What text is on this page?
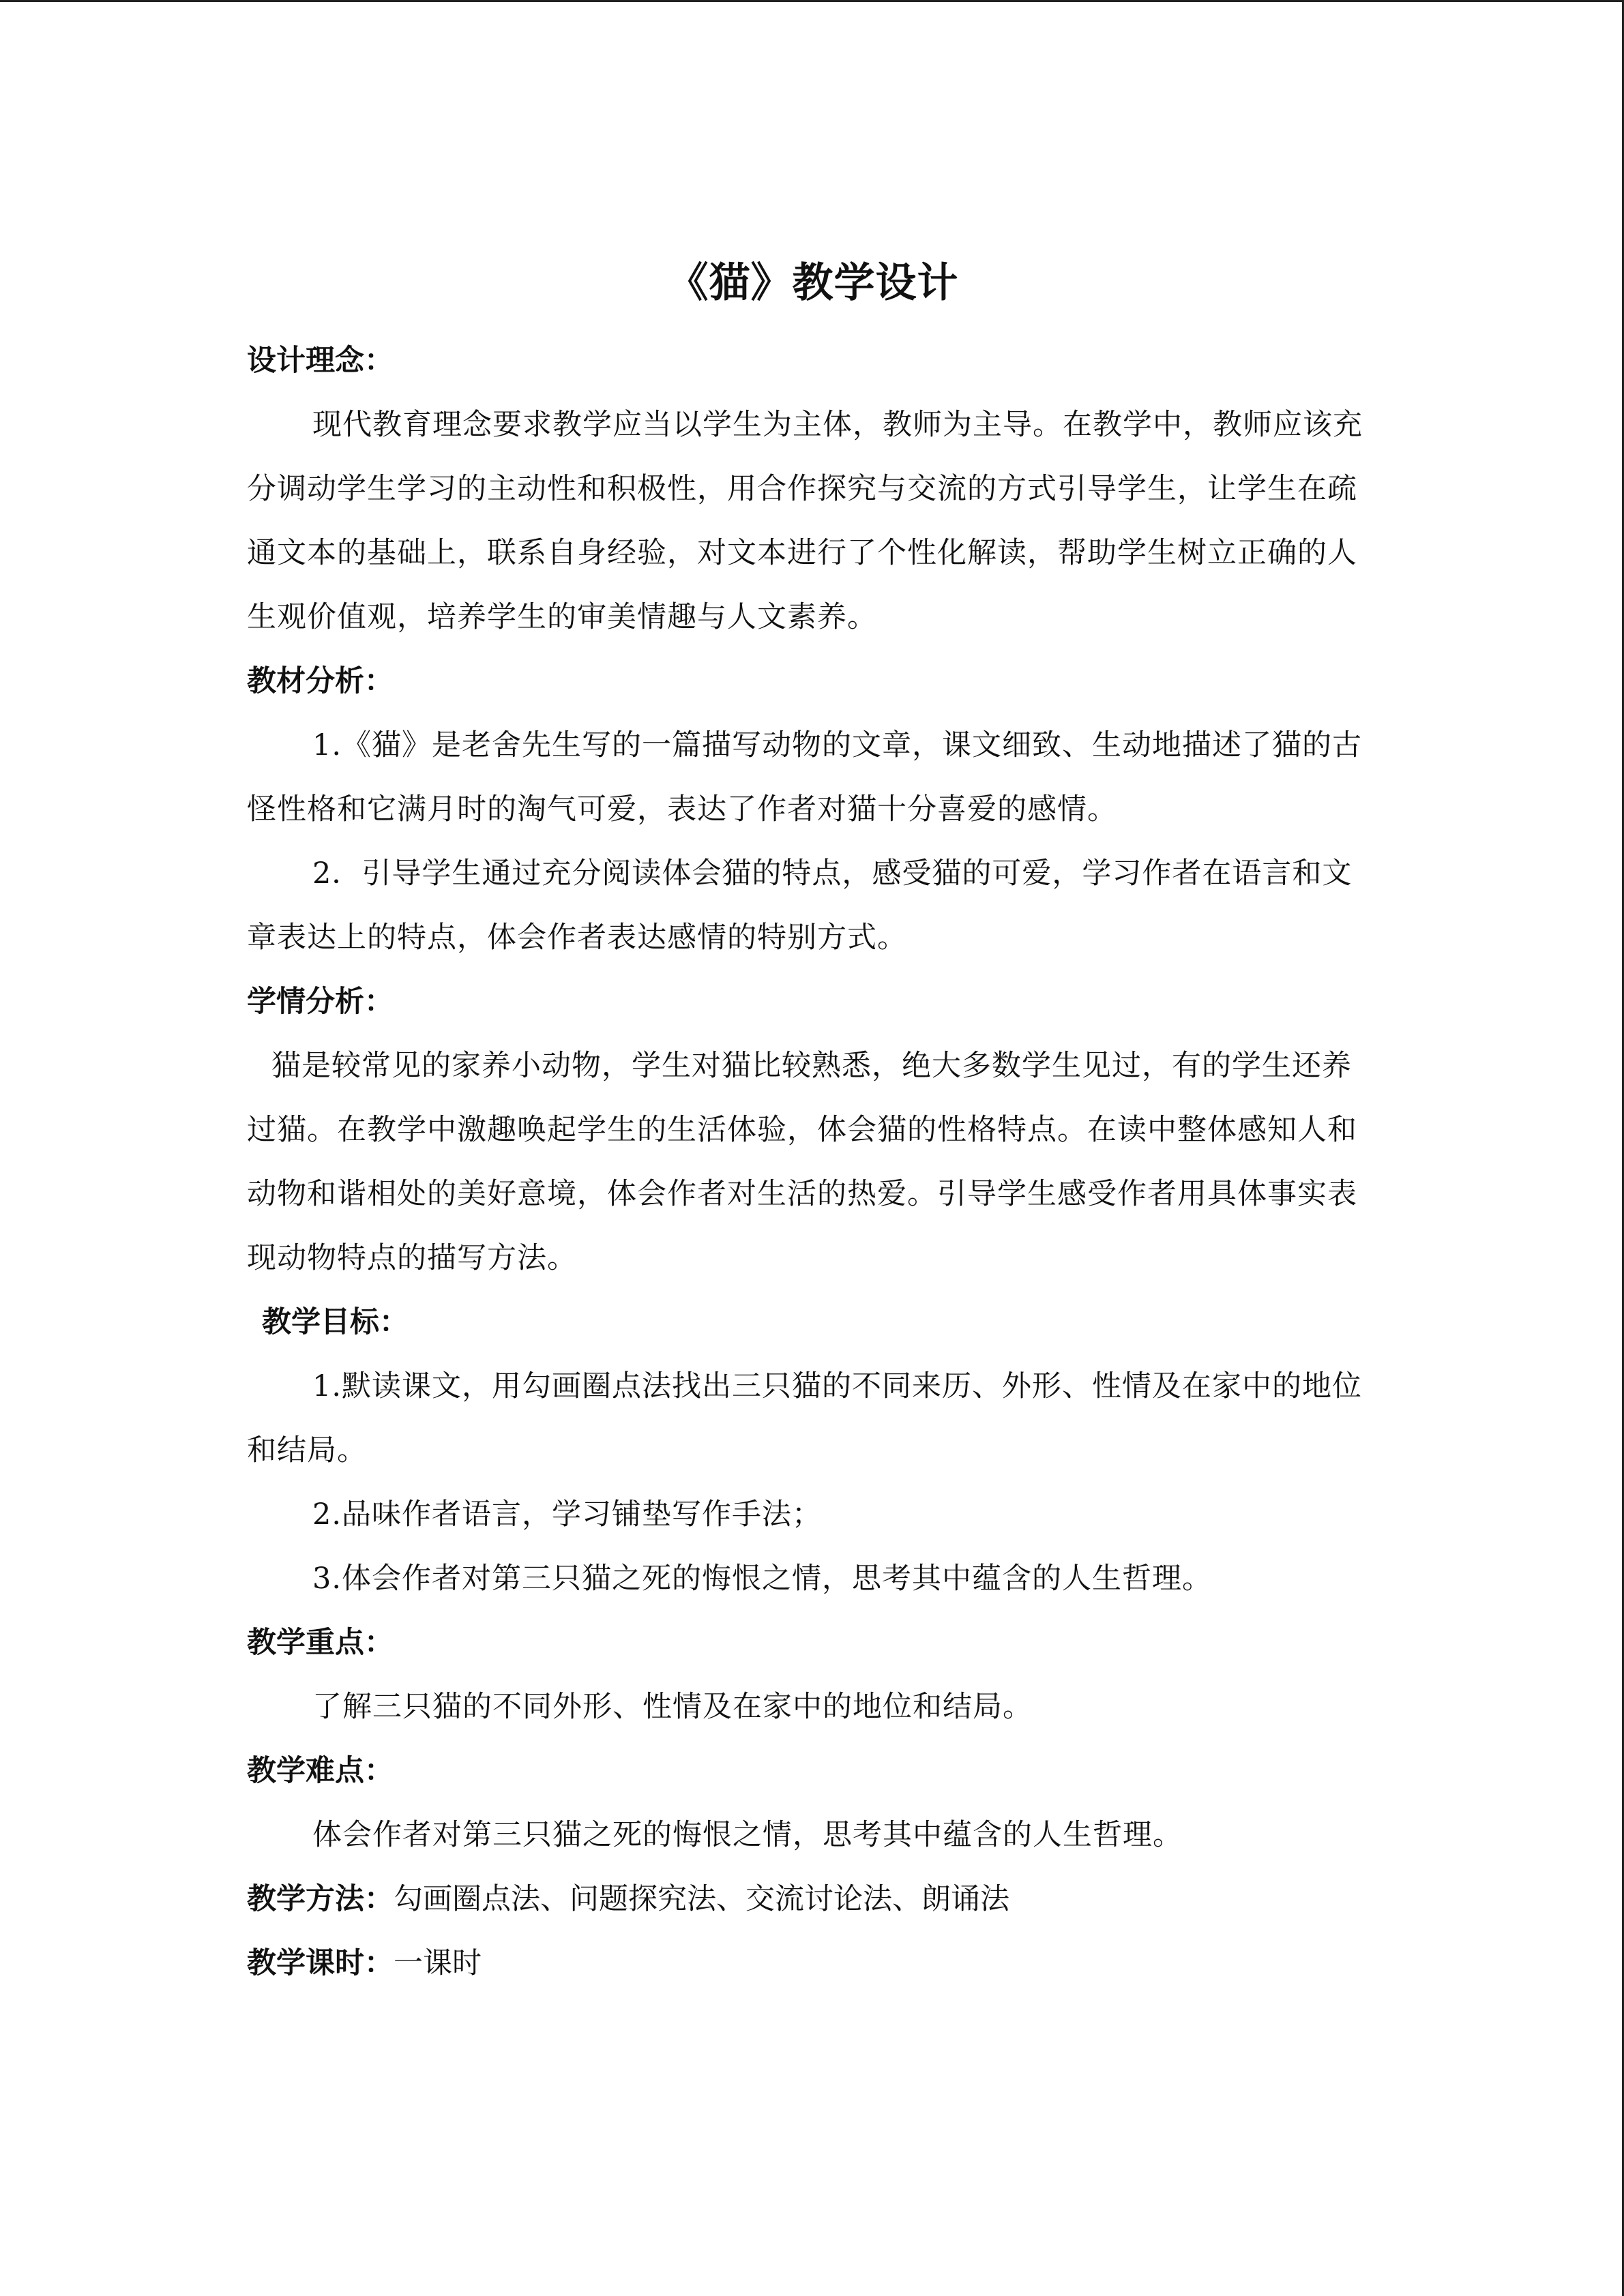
《猫》教学设计

设计理念：

现代教育理念要求教学应当以学生为主体，教师为主导。在教学中，教师应该充分调动学生学习的主动性和积极性，用合作探究与交流的方式引导学生，让学生在疏通文本的基础上，联系自身经验，对文本进行了个性化解读，帮助学生树立正确的人生观价值观，培养学生的审美情趣与人文素养。

教材分析：

1.《猫》是老舍先生写的一篇描写动物的文章，课文细致、生动地描述了猫的古怪性格和它满月时的淘气可爱，表达了作者对猫十分喜爱的感情。

2．引导学生通过充分阅读体会猫的特点，感受猫的可爱，学习作者在语言和文章表达上的特点，体会作者表达感情的特别方式。

学情分析：

猫是较常见的家养小动物，学生对猫比较熟悉，绝大多数学生见过，有的学生还养过猫。在教学中激趣唤起学生的生活体验，体会猫的性格特点。在读中整体感知人和动物和谐相处的美好意境，体会作者对生活的热爱。引导学生感受作者用具体事实表现动物特点的描写方法。

教学目标：

1.默读课文，用勾画圈点法找出三只猫的不同来历、外形、性情及在家中的地位和结局。

2.品味作者语言，学习铺垫写作手法；

3.体会作者对第三只猫之死的悔恨之情，思考其中蕴含的人生哲理。

教学重点：

了解三只猫的不同外形、性情及在家中的地位和结局。

教学难点：

体会作者对第三只猫之死的悔恨之情，思考其中蕴含的人生哲理。

教学方法：勾画圈点法、问题探究法、交流讨论法、朗诵法

教学课时：一课时
